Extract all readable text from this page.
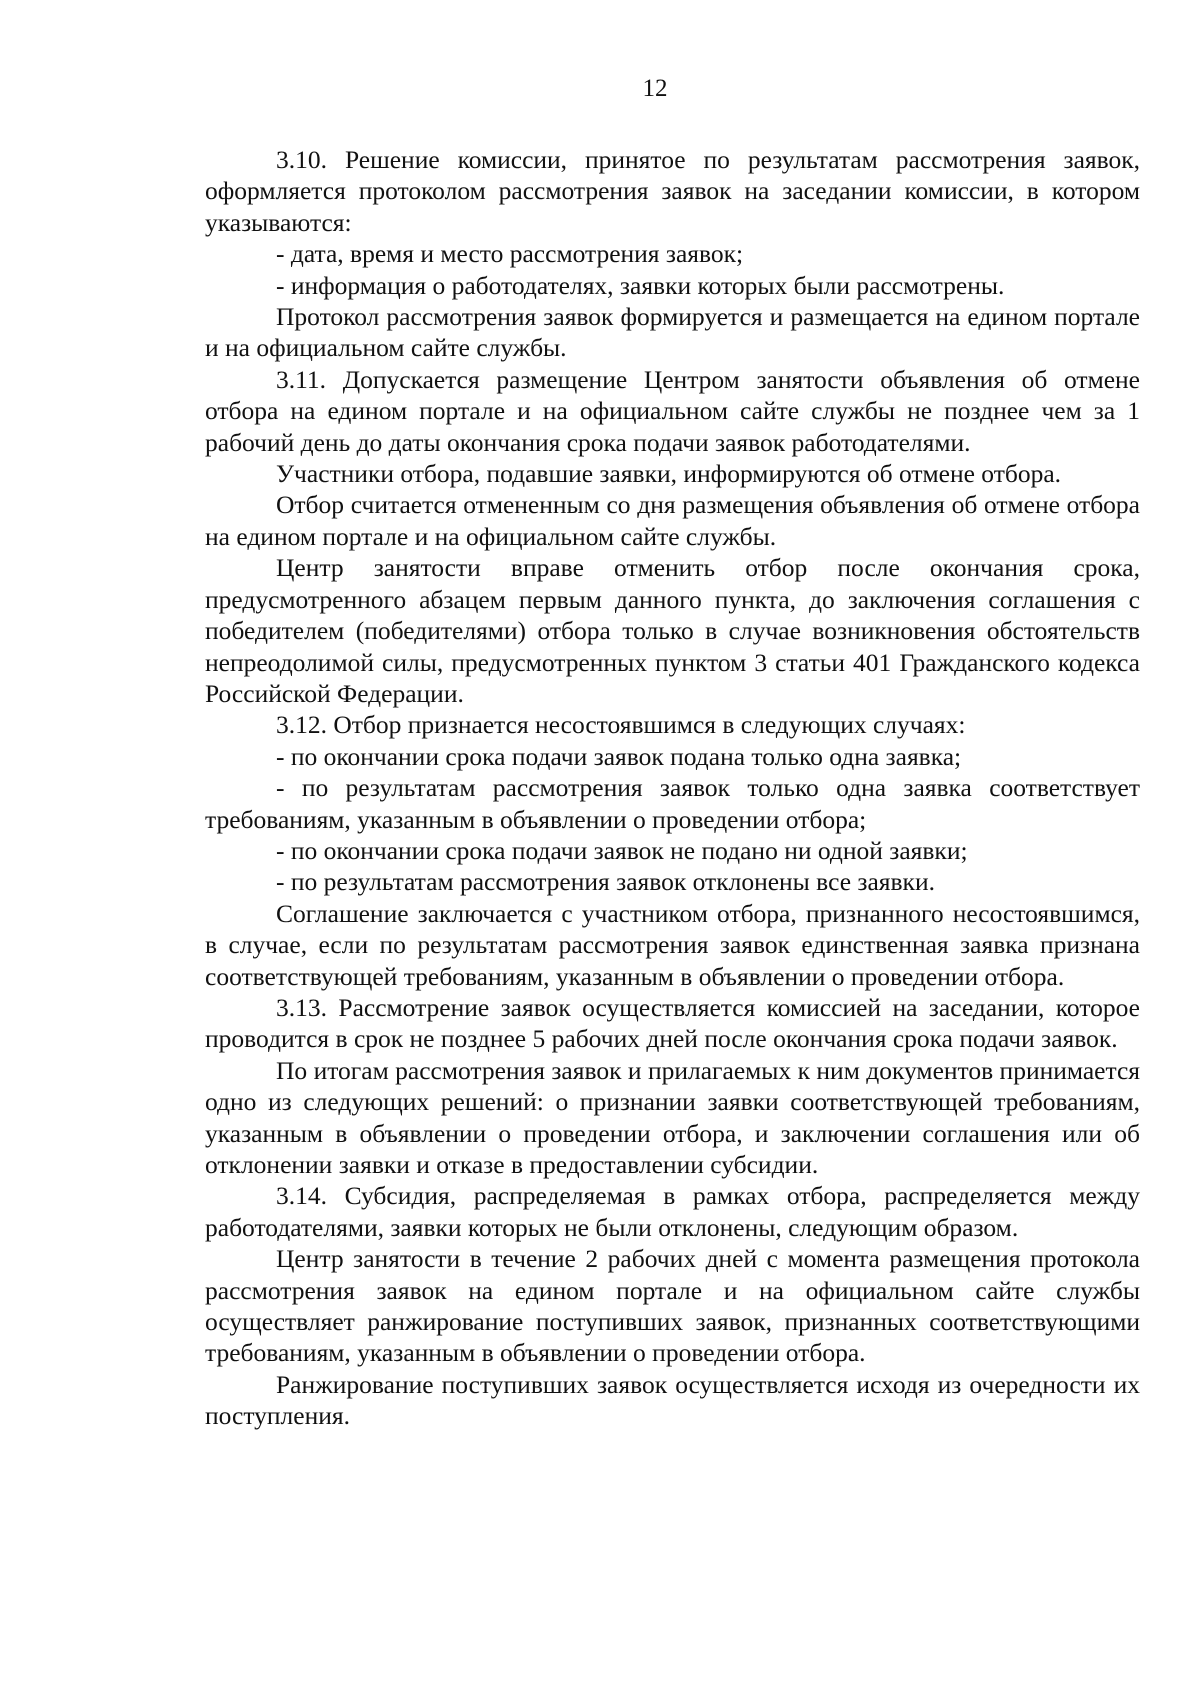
12

3.10. Решение комиссии, принятое по результатам рассмотрения заявок, оформляется протоколом рассмотрения заявок на заседании комиссии, в котором указываются:

- дата, время и место рассмотрения заявок;

- информация о работодателях, заявки которых были рассмотрены.

Протокол рассмотрения заявок формируется и размещается на едином портале и на официальном сайте службы.

3.11. Допускается размещение Центром занятости объявления об отмене отбора на едином портале и на официальном сайте службы не позднее чем за 1 рабочий день до даты окончания срока подачи заявок работодателями.

Участники отбора, подавшие заявки, информируются об отмене отбора.

Отбор считается отмененным со дня размещения объявления об отмене отбора на едином портале и на официальном сайте службы.

Центр занятости вправе отменить отбор после окончания срока, предусмотренного абзацем первым данного пункта, до заключения соглашения с победителем (победителями) отбора только в случае возникновения обстоятельств непреодолимой силы, предусмотренных пунктом 3 статьи 401 Гражданского кодекса Российской Федерации.

3.12. Отбор признается несостоявшимся в следующих случаях:

- по окончании срока подачи заявок подана только одна заявка;

- по результатам рассмотрения заявок только одна заявка соответствует требованиям, указанным в объявлении о проведении отбора;

- по окончании срока подачи заявок не подано ни одной заявки;

- по результатам рассмотрения заявок отклонены все заявки.

Соглашение заключается с участником отбора, признанного несостоявшимся, в случае, если по результатам рассмотрения заявок единственная заявка признана соответствующей требованиям, указанным в объявлении о проведении отбора.

3.13. Рассмотрение заявок осуществляется комиссией на заседании, которое проводится в срок не позднее 5 рабочих дней после окончания срока подачи заявок.

По итогам рассмотрения заявок и прилагаемых к ним документов принимается одно из следующих решений: о признании заявки соответствующей требованиям, указанным в объявлении о проведении отбора, и заключении соглашения или об отклонении заявки и отказе в предоставлении субсидии.

3.14. Субсидия, распределяемая в рамках отбора, распределяется между работодателями, заявки которых не были отклонены, следующим образом.

Центр занятости в течение 2 рабочих дней с момента размещения протокола рассмотрения заявок на едином портале и на официальном сайте службы осуществляет ранжирование поступивших заявок, признанных соответствующими требованиям, указанным в объявлении о проведении отбора.

Ранжирование поступивших заявок осуществляется исходя из очередности их поступления.
